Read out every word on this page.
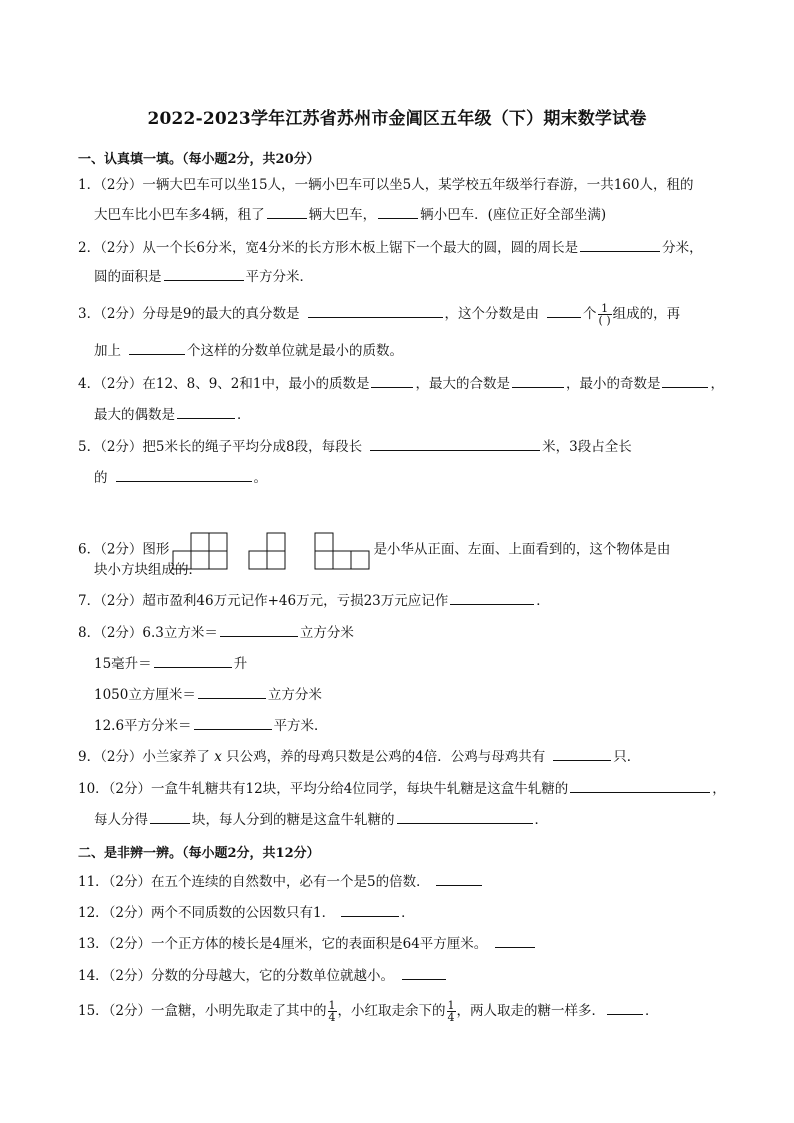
2022-2023学年江苏省苏州市金阊区五年级（下）期末数学试卷
一、认真填一填。（每小题2分，共20分）
1．（2分）一辆大巴车可以坐15人，一辆小巴车可以坐5人，某学校五年级举行春游，一共160人，租的
大巴车比小巴车多4辆，租了	辆大巴车，	辆小巴车．(座位正好全部坐满)
2．（2分）从一个长6分米，宽4分米的长方形木板上锯下一个最大的圆，圆的周长是	分米，
圆的面积是	平方分米．
3．（2分）分母是9的最大的真分数是	，这个分数是由	个 $\frac{1}{( )}$ 组成的，再
加上	个这样的分数单位就是最小的质数。
4．（2分）在12、8、9、2和1中，最小的质数是	，最大的合数是	，最小的奇数是	，
最大的偶数是	．
5．（2分）把5米长的绳子平均分成8段，每段长	米，3段占全长
的	。
6．（2分）图形	是小华从正面、左面、上面看到的，这个物体是由
块小方块组成的．
7．（2分）超市盈利46万元记作+46万元，亏损23万元应记作	．
8．（2分）6.3立方米＝	立方分米
15毫升＝	升
1050立方厘米＝	立方分米
12.6平方分米＝	平方米．
9．（2分）小兰家养了 x 只公鸡，养的母鸡只数是公鸡的4倍．公鸡与母鸡共有	只．
10．（2分）一盒牛轧糖共有12块，平均分给4位同学，每块牛轧糖是这盒牛轧糖的	，
每人分得	块，每人分到的糖是这盒牛轧糖的	．
二、是非辨一辨。（每小题2分，共12分）
11．（2分）在五个连续的自然数中，必有一个是5的倍数．
12．（2分）两个不同质数的公因数只有1．	．
13．（2分）一个正方体的棱长是4厘米，它的表面积是64平方厘米。
14．（2分）分数的分母越大，它的分数单位就越小。
15．（2分）一盒糖，小明先取走了其中的 $\frac{1}{4}$ ，小红取走余下的 $\frac{1}{4}$ ，两人取走的糖一样多．	．
